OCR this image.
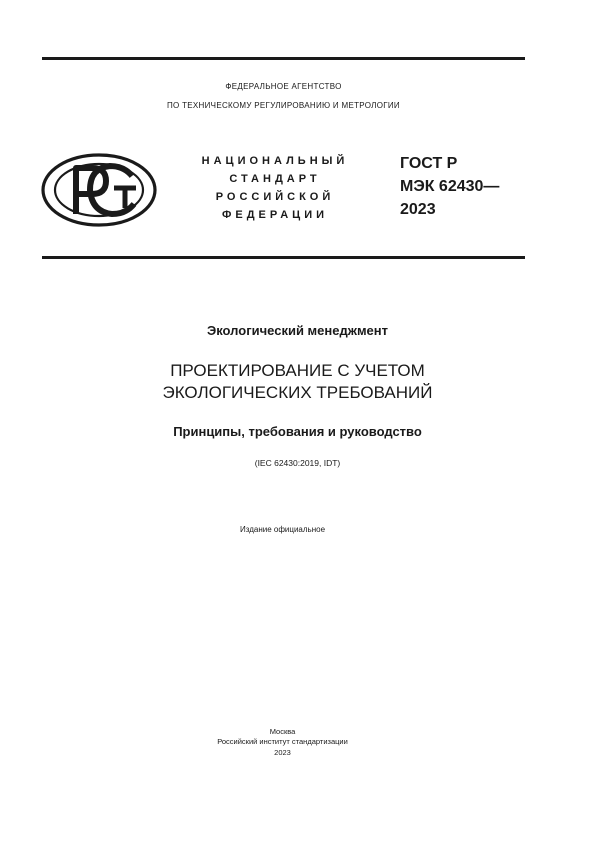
ФЕДЕРАЛЬНОЕ АГЕНТСТВО
ПО ТЕХНИЧЕСКОМУ РЕГУЛИРОВАНИЮ И МЕТРОЛОГИИ
НАЦИОНАЛЬНЫЙ
СТАНДАРТ
РОССИЙСКОЙ
ФЕДЕРАЦИИ
ГОСТ Р
МЭК 62430—
2023
Экологический менеджмент
ПРОЕКТИРОВАНИЕ С УЧЕТОМ
ЭКОЛОГИЧЕСКИХ ТРЕБОВАНИЙ
Принципы, требования и руководство
(IEC 62430:2019, IDT)
Издание официальное
Москва
Российский институт стандартизации
2023
